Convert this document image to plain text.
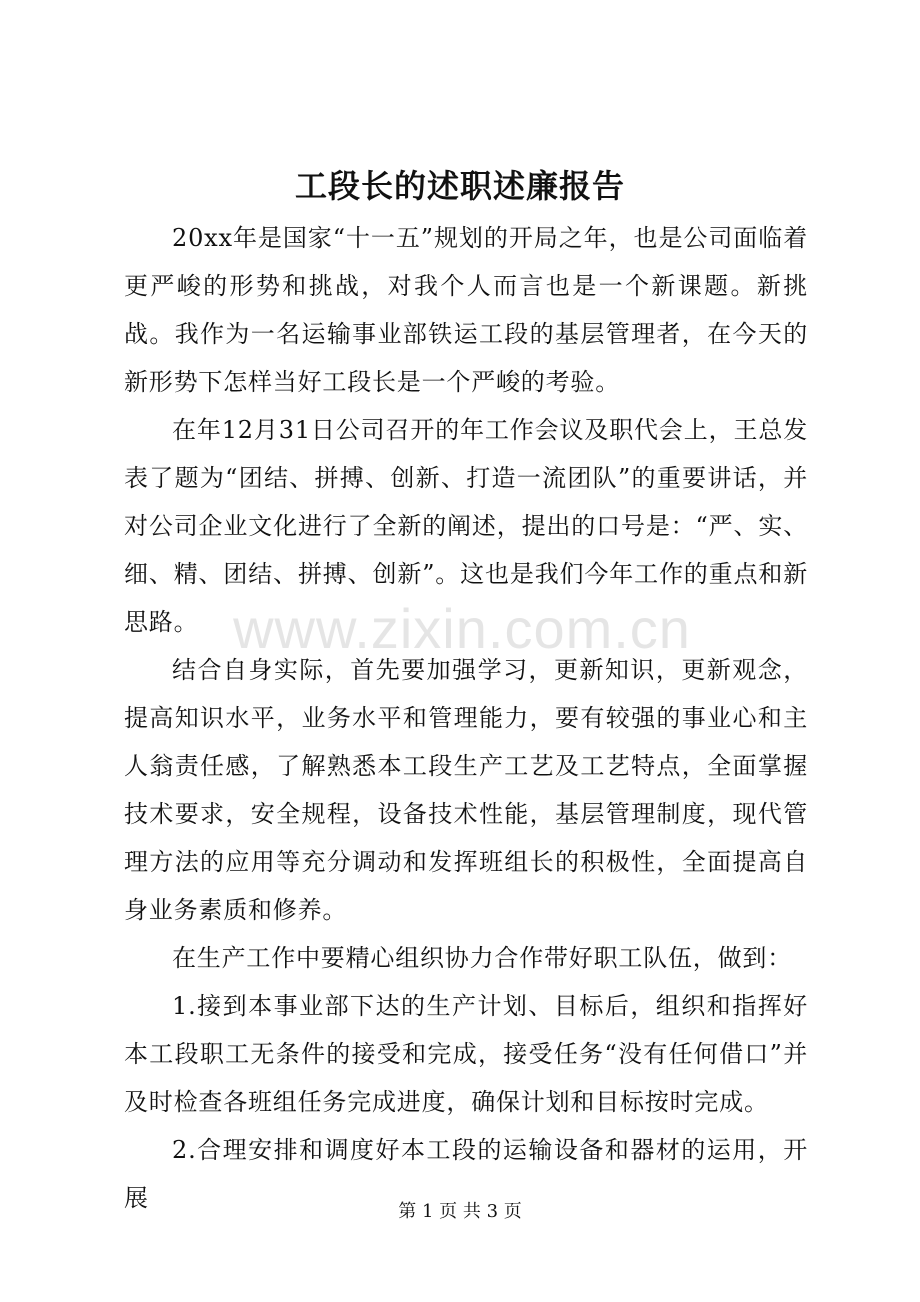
工段长的述职述廉报告

20xx年是国家“十一五”规划的开局之年，也是公司面临着更严峻的形势和挑战，对我个人而言也是一个新课题。新挑战。我作为一名运输事业部铁运工段的基层管理者，在今天的新形势下怎样当好工段长是一个严峻的考验。

在年12月31日公司召开的年工作会议及职代会上，王总发表了题为“团结、拼搏、创新、打造一流团队”的重要讲话，并对公司企业文化进行了全新的阐述，提出的口号是：“严、实、细、精、团结、拼搏、创新”。这也是我们今年工作的重点和新思路。

结合自身实际，首先要加强学习，更新知识，更新观念，提高知识水平，业务水平和管理能力，要有较强的事业心和主人翁责任感，了解熟悉本工段生产工艺及工艺特点，全面掌握技术要求，安全规程，设备技术性能，基层管理制度，现代管理方法的应用等充分调动和发挥班组长的积极性，全面提高自身业务素质和修养。

在生产工作中要精心组织协力合作带好职工队伍，做到：

1.接到本事业部下达的生产计划、目标后，组织和指挥好本工段职工无条件的接受和完成，接受任务“没有任何借口”并及时检查各班组任务完成进度，确保计划和目标按时完成。

2.合理安排和调度好本工段的运输设备和器材的运用，开展

www.zixin.com.cn
第 1 页 共 3 页
